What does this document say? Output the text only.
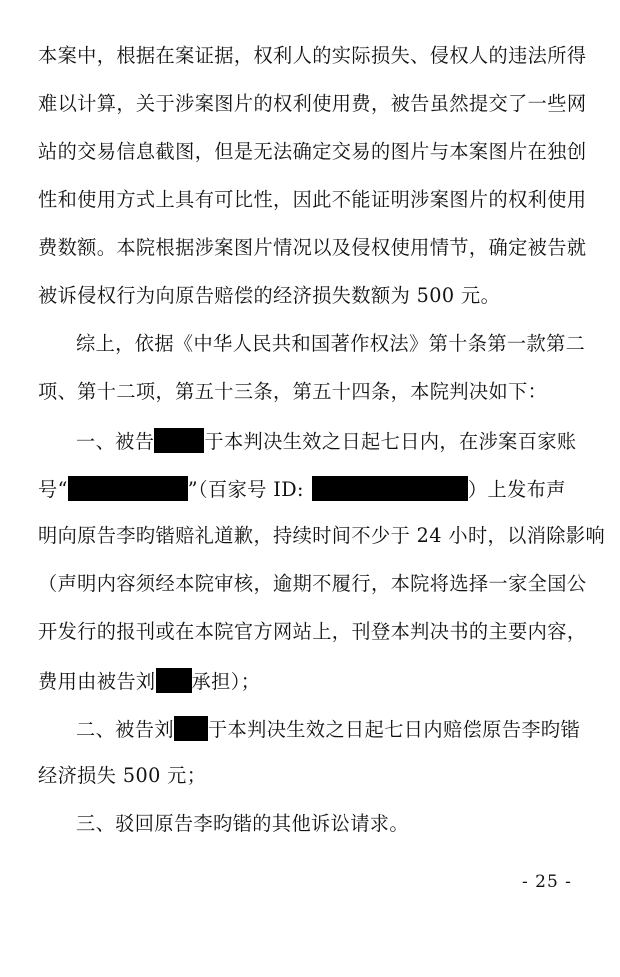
本案中，根据在案证据，权利人的实际损失、侵权人的违法所得
难以计算，关于涉案图片的权利使用费，被告虽然提交了一些网
站的交易信息截图，但是无法确定交易的图片与本案图片在独创
性和使用方式上具有可比性，因此不能证明涉案图片的权利使用
费数额。本院根据涉案图片情况以及侵权使用情节，确定被告就
被诉侵权行为向原告赔偿的经济损失数额为 500 元。
综上，依据《中华人民共和国著作权法》第十条第一款第二
项、第十二项，第五十三条，第五十四条，本院判决如下：
一、被告	于本判决生效之日起七日内，在涉案百家账
号“	”（百家号 ID:	）上发布声
明向原告李昀锴赔礼道歉，持续时间不少于 24 小时，以消除影响
（声明内容须经本院审核，逾期不履行，本院将选择一家全国公
开发行的报刊或在本院官方网站上，刊登本判决书的主要内容，
费用由被告刘 承担）；
二、被告刘 于本判决生效之日起七日内赔偿原告李昀锴
经济损失 500 元；
三、驳回原告李昀锴的其他诉讼请求。
- 25 -
